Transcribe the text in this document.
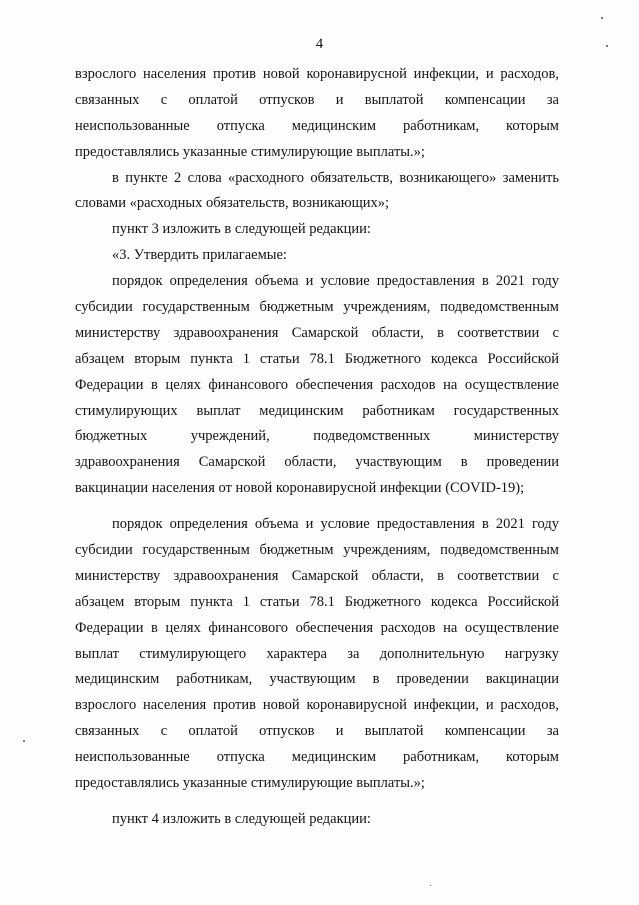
4
взрослого населения против новой коронавирусной инфекции, и расходов,
связанных с оплатой отпусков и выплатой компенсации за
неиспользованные отпуска медицинским работникам, которым
предоставлялись указанные стимулирующие выплаты.»;
в пункте 2 слова «расходного обязательств, возникающего» заменить
словами «расходных обязательств, возникающих»;
пункт 3 изложить в следующей редакции:
«3. Утвердить прилагаемые:
порядок определения объема и условие предоставления в 2021 году
субсидии государственным бюджетным учреждениям, подведомственным
министерству здравоохранения Самарской области, в соответствии с
абзацем вторым пункта 1 статьи 78.1 Бюджетного кодекса Российской
Федерации в целях финансового обеспечения расходов на осуществление
стимулирующих выплат медицинским работникам государственных
бюджетных учреждений, подведомственных министерству
здравоохранения Самарской области, участвующим в проведении
вакцинации населения от новой коронавирусной инфекции (COVID-19);
порядок определения объема и условие предоставления в 2021 году
субсидии государственным бюджетным учреждениям, подведомственным
министерству здравоохранения Самарской области, в соответствии с
абзацем вторым пункта 1 статьи 78.1 Бюджетного кодекса Российской
Федерации в целях финансового обеспечения расходов на осуществление
выплат стимулирующего характера за дополнительную нагрузку
медицинским работникам, участвующим в проведении вакцинации
взрослого населения против новой коронавирусной инфекции, и расходов,
связанных с оплатой отпусков и выплатой компенсации за
неиспользованные отпуска медицинским работникам, которым
предоставлялись указанные стимулирующие выплаты.»;
пункт 4 изложить в следующей редакции:
